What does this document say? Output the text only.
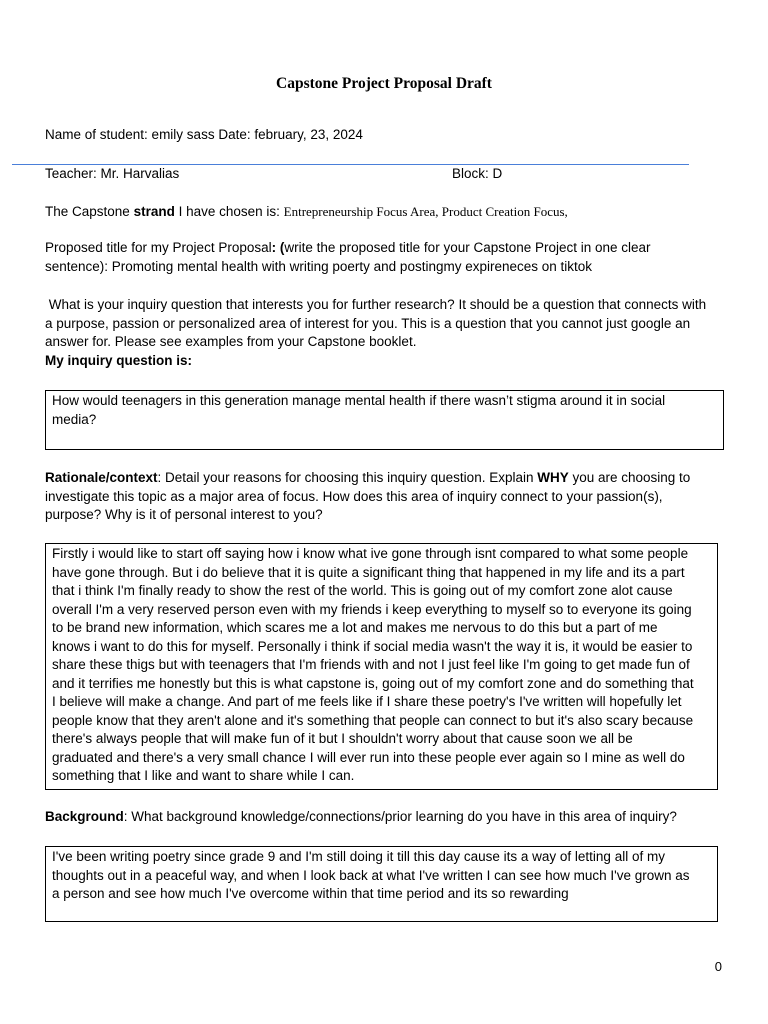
Capstone Project Proposal Draft
Name of student: emily sass Date: february, 23, 2024
Teacher: Mr. Harvalias	Block: D
The Capstone strand I have chosen is: Entrepreneurship Focus Area, Product Creation Focus,
Proposed title for my Project Proposal: (write the proposed title for your Capstone Project in one clear
sentence): Promoting mental health with writing poerty and postingmy expireneces on tiktok
What is your inquiry question that interests you for further research? It should be a question that connects with
a purpose, passion or personalized area of interest for you. This is a question that you cannot just google an
answer for. Please see examples from your Capstone booklet.
My inquiry question is:

How would teenagers in this generation manage mental health if there wasn’t stigma around it in social

media?

Rationale/context: Detail your reasons for choosing this inquiry question. Explain WHY you are choosing to
investigate this topic as a major area of focus. How does this area of inquiry connect to your passion(s),
purpose? Why is it of personal interest to you?

Firstly i would like to start off saying how i know what ive gone through isnt compared to what some people

have gone through. But i do believe that it is quite a significant thing that happened in my life and its a part

that i think I'm finally ready to show the rest of the world. This is going out of my comfort zone alot cause

overall I'm a very reserved person even with my friends i keep everything to myself so to everyone its going

to be brand new information, which scares me a lot and makes me nervous to do this but a part of me

knows i want to do this for myself. Personally i think if social media wasn't the way it is, it would be easier to

share these thigs but with teenagers that I'm friends with and not I just feel like I'm going to get made fun of

and it terrifies me honestly but this is what capstone is, going out of my comfort zone and do something that

I believe will make a change. And part of me feels like if I share these poetry's I've written will hopefully let

people know that they aren't alone and it's something that people can connect to but it's also scary because

there's always people that will make fun of it but I shouldn't worry about that cause soon we all be

graduated and there's a very small chance I will ever run into these people ever again so I mine as well do

something that I like and want to share while I can.

Background: What background knowledge/connections/prior learning do you have in this area of inquiry?

I've been writing poetry since grade 9 and I'm still doing it till this day cause its a way of letting all of my

thoughts out in a peaceful way, and when I look back at what I've written I can see how much I've grown as

a person and see how much I've overcome within that time period and its so rewarding

0
